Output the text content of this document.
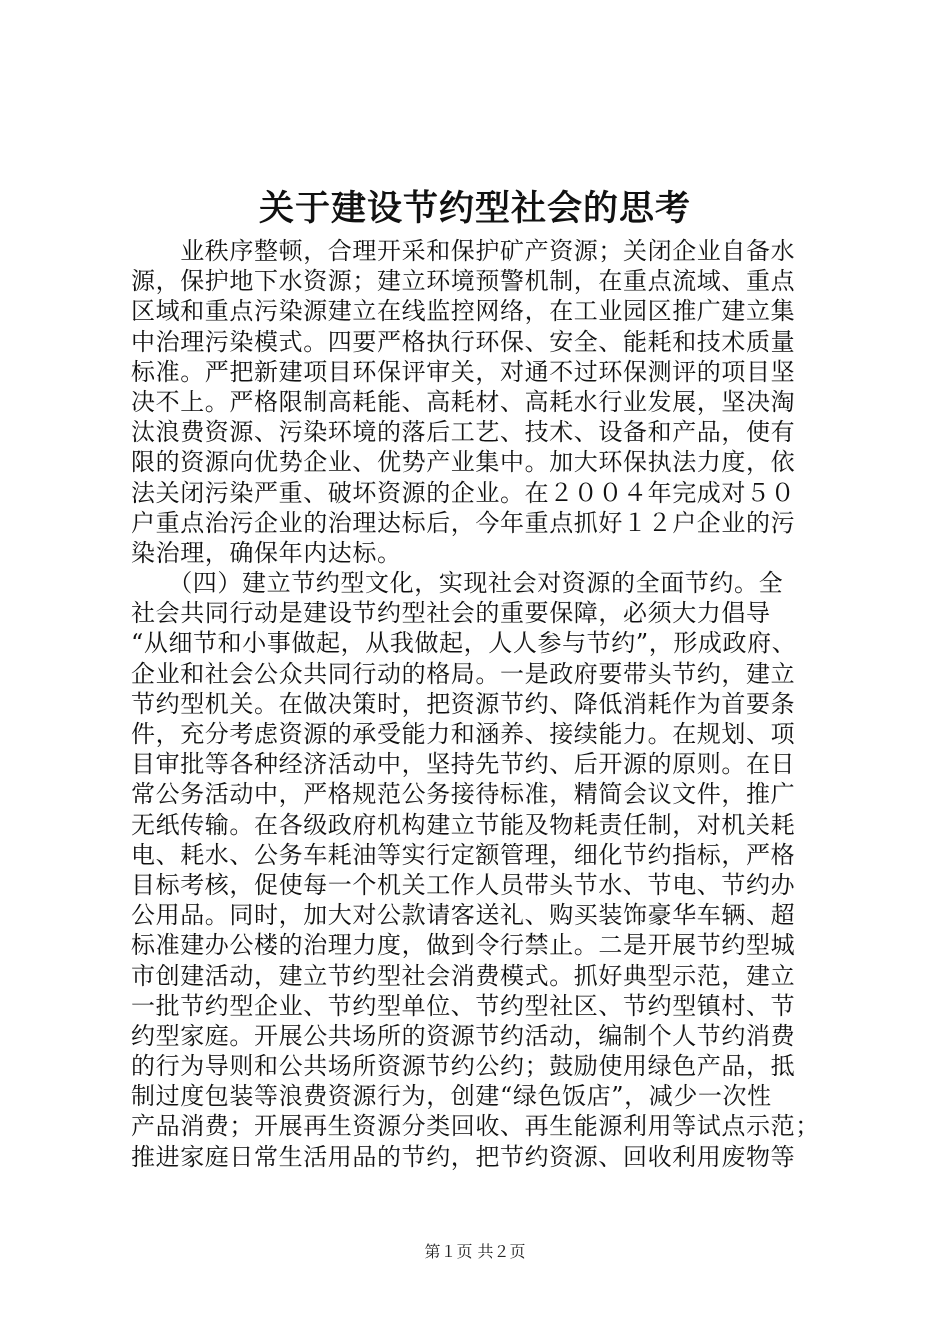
关于建设节约型社会的思考
　　业秩序整顿，合理开采和保护矿产资源；关闭企业自备水
源，保护地下水资源；建立环境预警机制，在重点流域、重点
区域和重点污染源建立在线监控网络，在工业园区推广建立集
中治理污染模式。四要严格执行环保、安全、能耗和技术质量
标准。严把新建项目环保评审关，对通不过环保测评的项目坚
决不上。严格限制高耗能、高耗材、高耗水行业发展，坚决淘
汰浪费资源、污染环境的落后工艺、技术、设备和产品，使有
限的资源向优势企业、优势产业集中。加大环保执法力度，依
法关闭污染严重、破坏资源的企业。在２００４年完成对５０
户重点治污企业的治理达标后，今年重点抓好１２户企业的污
染治理，确保年内达标。
　　（四）建立节约型文化，实现社会对资源的全面节约。全
社会共同行动是建设节约型社会的重要保障，必须大力倡导
“从细节和小事做起，从我做起，人人参与节约”，形成政府、
企业和社会公众共同行动的格局。一是政府要带头节约，建立
节约型机关。在做决策时，把资源节约、降低消耗作为首要条
件，充分考虑资源的承受能力和涵养、接续能力。在规划、项
目审批等各种经济活动中，坚持先节约、后开源的原则。在日
常公务活动中，严格规范公务接待标准，精简会议文件，推广
无纸传输。在各级政府机构建立节能及物耗责任制，对机关耗
电、耗水、公务车耗油等实行定额管理，细化节约指标，严格
目标考核，促使每一个机关工作人员带头节水、节电、节约办
公用品。同时，加大对公款请客送礼、购买装饰豪华车辆、超
标准建办公楼的治理力度，做到令行禁止。二是开展节约型城
市创建活动，建立节约型社会消费模式。抓好典型示范，建立
一批节约型企业、节约型单位、节约型社区、节约型镇村、节
约型家庭。开展公共场所的资源节约活动，编制个人节约消费
的行为导则和公共场所资源节约公约；鼓励使用绿色产品，抵
制过度包装等浪费资源行为，创建“绿色饭店”，减少一次性
产品消费；开展再生资源分类回收、再生能源利用等试点示范；
推进家庭日常生活用品的节约，把节约资源、回收利用废物等
第１页 共２页
